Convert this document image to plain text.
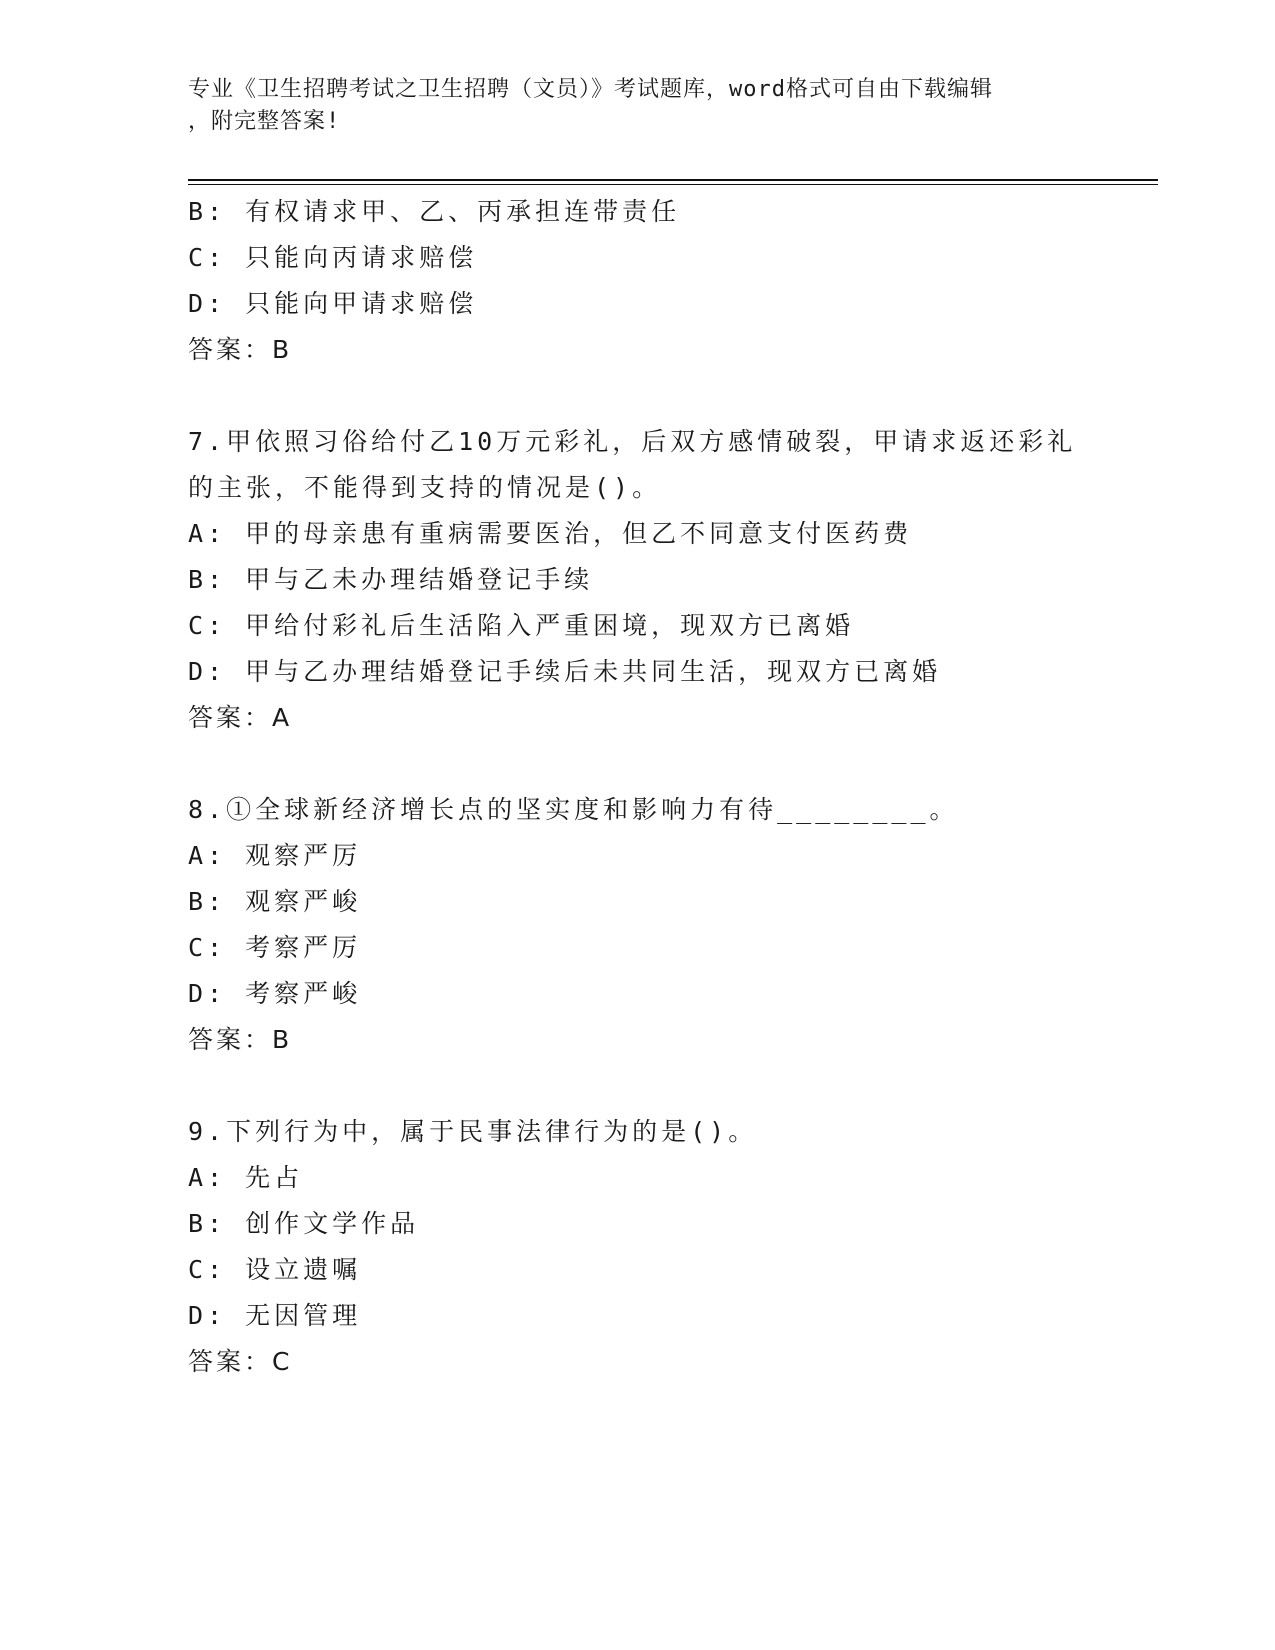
专业《卫生招聘考试之卫生招聘（文员）》考试题库，word格式可自由下载编辑
，附完整答案!
B: 有权请求甲、乙、丙承担连带责任
C: 只能向丙请求赔偿
D: 只能向甲请求赔偿
答案：B
7.甲依照习俗给付乙10万元彩礼，后双方感情破裂，甲请求返还彩礼
的主张，不能得到支持的情况是()。
A: 甲的母亲患有重病需要医治，但乙不同意支付医药费
B: 甲与乙未办理结婚登记手续
C: 甲给付彩礼后生活陷入严重困境，现双方已离婚
D: 甲与乙办理结婚登记手续后未共同生活，现双方已离婚
答案：A
8.①全球新经济增长点的坚实度和影响力有待________。
A: 观察严厉
B: 观察严峻
C: 考察严厉
D: 考察严峻
答案：B
9.下列行为中，属于民事法律行为的是()。
A: 先占
B: 创作文学作品
C: 设立遗嘱
D: 无因管理
答案：C
